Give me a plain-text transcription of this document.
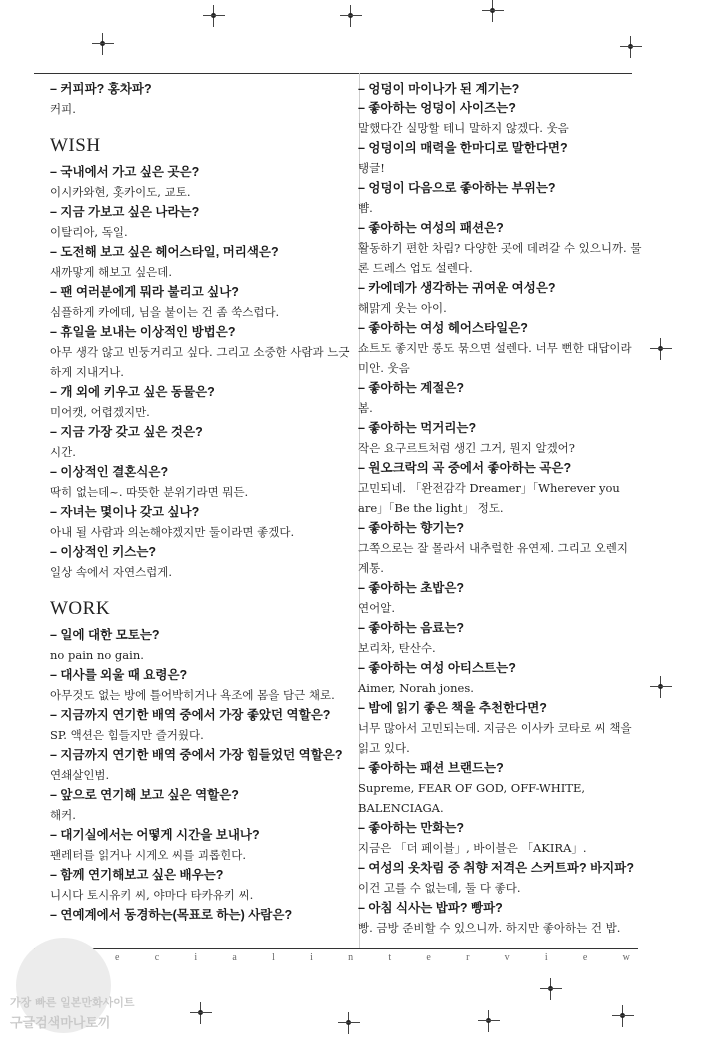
– 커피파? 홍차파?

커피.

WISH

– 국내에서 가고 싶은 곳은?

이시카와현, 홋카이도, 교토.

– 지금 가보고 싶은 나라는?

이탈리아, 독일.

– 도전해 보고 싶은 헤어스타일, 머리색은?

새까맣게 해보고 싶은데.

– 팬 여러분에게 뭐라 불리고 싶나?

심플하게 카에데, 님을 붙이는 건 좀 쑥스럽다.

– 휴일을 보내는 이상적인 방법은?

아무 생각 않고 빈둥거리고 싶다. 그리고 소중한 사람과 느긋하게 지내거나.

– 개 외에 키우고 싶은 동물은?

미어캣, 어렵겠지만.

– 지금 가장 갖고 싶은 것은?

시간.

– 이상적인 결혼식은?

딱히 없는데~. 따뜻한 분위기라면 뭐든.

– 자녀는 몇이나 갖고 싶나?

아내 될 사람과 의논해야겠지만 둘이라면 좋겠다.

– 이상적인 키스는?

일상 속에서 자연스럽게.

WORK

– 일에 대한 모토는?

no pain no gain.

– 대사를 외울 때 요령은?

아무것도 없는 방에 틀어박히거나 욕조에 몸을 담근 채로.

– 지금까지 연기한 배역 중에서 가장 좋았던 역할은?

SP. 액션은 힘들지만 즐거웠다.

– 지금까지 연기한 배역 중에서 가장 힘들었던 역할은?

연쇄살인범.

– 앞으로 연기해 보고 싶은 역할은?

해커.

– 대기실에서는 어떻게 시간을 보내나?

팬레터를 읽거나 시게오 씨를 괴롭힌다.

– 함께 연기해보고 싶은 배우는?

니시다 토시유키 씨, 야마다 타카유키 씨.

– 연예계에서 동경하는(목표로 하는) 사람은?

– 엉덩이 마이나가 된 계기는?

– 좋아하는 엉덩이 사이즈는?

말했다간 실망할 테니 말하지 않겠다. 웃음

– 엉덩이의 매력을 한마디로 말한다면?

탱글!

– 엉덩이 다음으로 좋아하는 부위는?

뺨.

– 좋아하는 여성의 패션은?

활동하기 편한 차림? 다양한 곳에 데려갈 수 있으니까. 물론 드레스 업도 설렌다.

– 카에데가 생각하는 귀여운 여성은?

해맑게 웃는 아이.

– 좋아하는 여성 헤어스타일은?

쇼트도 좋지만 롱도 묶으면 설렌다. 너무 뻔한 대답이라 미안. 웃음

– 좋아하는 계절은?

봄.

– 좋아하는 먹거리는?

작은 요구르트처럼 생긴 그거, 뭔지 알겠어?

– 원오크락의 곡 중에서 좋아하는 곡은?

고민되네. 「완전감각 Dreamer」「Wherever you are」「Be the light」 정도.

– 좋아하는 향기는?

그쪽으로는 잘 몰라서 내추럴한 유연제. 그리고 오렌지 계통.

– 좋아하는 초밥은?

연어알.

– 좋아하는 음료는?

보리차, 탄산수.

– 좋아하는 여성 아티스트는?

Aimer, Norah jones.

– 밤에 읽기 좋은 책을 추천한다면?

너무 많아서 고민되는데. 지금은 이사카 코타로 씨 책을 읽고 있다.

– 좋아하는 패션 브랜드는?

Supreme, FEAR OF GOD, OFF-WHITE, BALENCIAGA.

– 좋아하는 만화는?

지금은 「더 페이블」, 바이블은 「AKIRA」.

– 여성의 옷차림 중 취향 저격은 스커트파? 바지파?

이건 고를 수 없는데, 둘 다 좋다.

– 아침 식사는 밥파? 빵파?

빵. 금방 준비할 수 있으니까. 하지만 좋아하는 건 밥.

e	c	i	a	l	i	n	t	e	r	v	i	e	w
가장 빠른 일본만화사이트
구글검색마나토끼
